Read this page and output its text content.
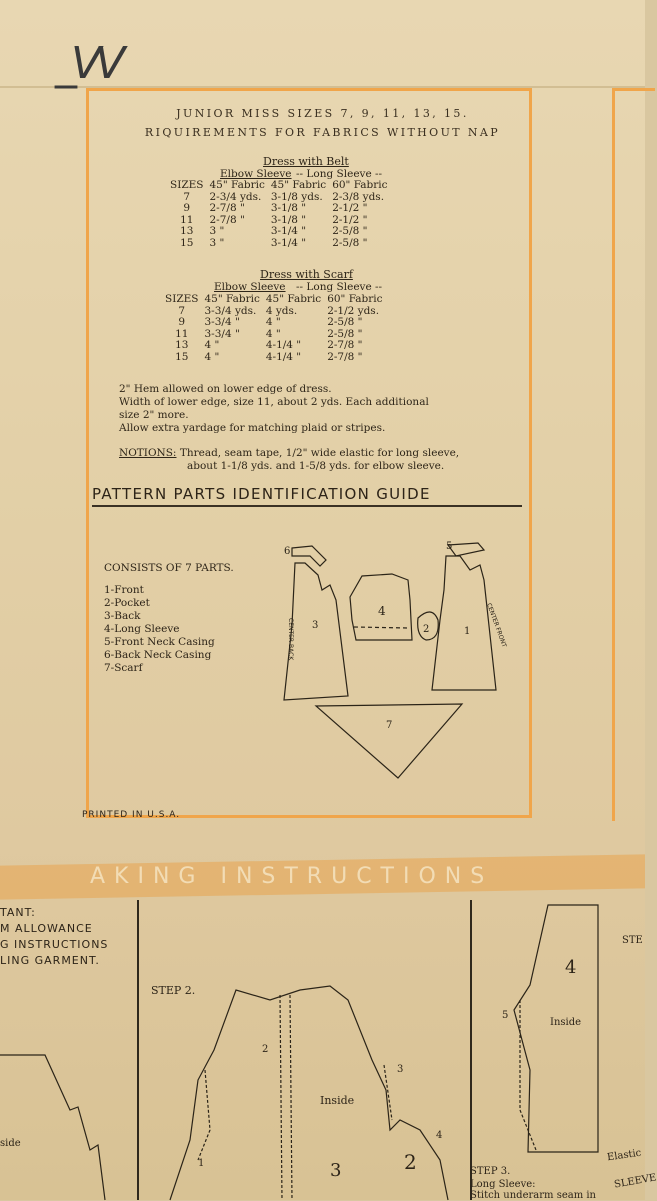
_VV
JUNIOR MISS SIZES 7, 9, 11, 13, 15.
RIQUIREMENTS FOR FABRICS WITHOUT NAP
Dress with Belt
Elbow Sleeve -- Long Sleeve --
SIZES	45" Fabric	45" Fabric	60" Fabric
7	2-3/4 yds.	3-1/8 yds.	2-3/8 yds.
9	2-7/8 "	3-1/8 "	2-1/2 "
11	2-7/8 "	3-1/8 "	2-1/2 "
13	3 "	3-1/4 "	2-5/8 "
15	3 "	3-1/4 "	2-5/8 "
Dress with Scarf
Elbow Sleeve -- Long Sleeve --
SIZES	45" Fabric	45" Fabric	60" Fabric
7	3-3/4 yds.	4 yds.	2-1/2 yds.
9	3-3/4 "	4 "	2-5/8 "
11	3-3/4 "	4 "	2-5/8 "
13	4 "	4-1/4 "	2-7/8 "
15	4 "	4-1/4 "	2-7/8 "
2" Hem allowed on lower edge of dress.
Width of lower edge, size 11, about 2 yds. Each additional
size 2" more.
Allow extra yardage for matching plaid or stripes.
NOTIONS: Thread, seam tape, 1/2" wide elastic for long sleeve,
about 1-1/8 yds. and 1-5/8 yds. for elbow sleeve.
PATTERN PARTS IDENTIFICATION GUIDE
CONSISTS OF 7 PARTS.
1-Front
2-Pocket
3-Back
4-Long Sleeve
5-Front Neck Casing
6-Back Neck Casing
7-Scarf
6
3
4
2
5
1
7
CENTER BACK	CENTER FRONT
PRINTED IN U.S.A.
AKING INSTRUCTIONS
TANT:
M ALLOWANCE
G INSTRUCTIONS
LING GARMENT.
STEP 2.
Inside
side
Inside
1
2
3
4
5
3	2
4
Elastic
STE
STEP 3.
Long Sleeve:
Stitch underarm seam in
SLEEVE
